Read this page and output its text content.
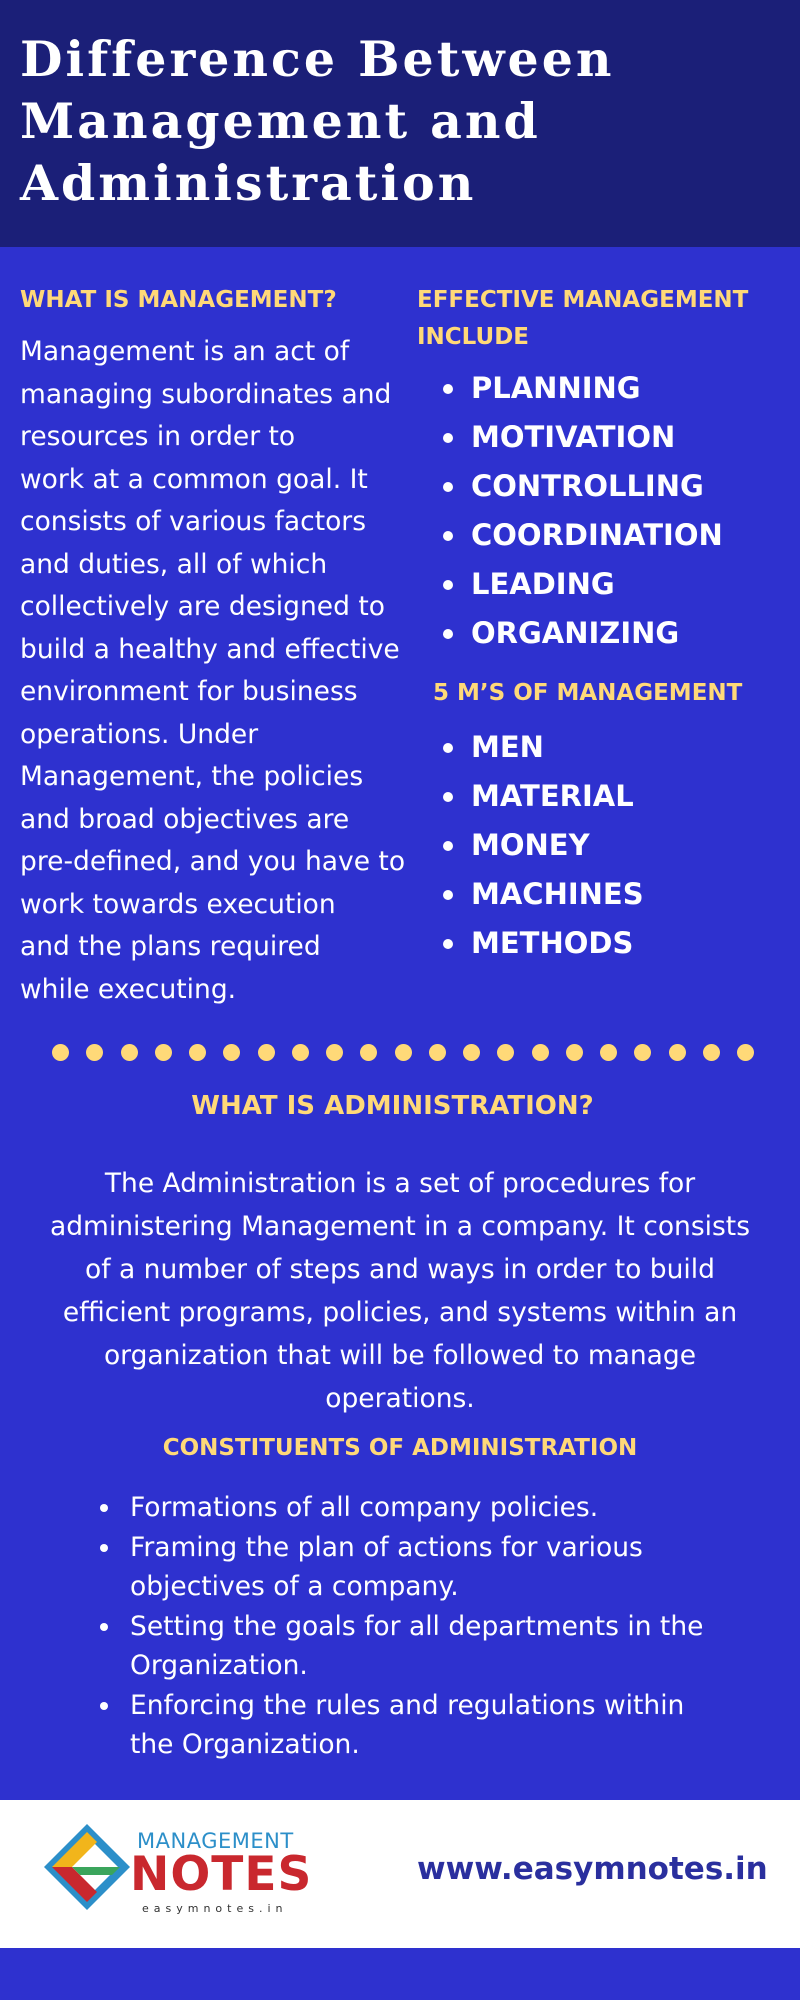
Difference Between
Management and
Administration
WHAT IS MANAGEMENT?

Management is an act of
managing subordinates and
resources in order to
work at a common goal. It
consists of various factors
and duties, all of which
collectively are designed to
build a healthy and effective
environment for business
operations. Under
Management, the policies
and broad objectives are
pre-defined, and you have to
work towards execution
and the plans required
while executing.

EFFECTIVE MANAGEMENT INCLUDE
PLANNING
MOTIVATION
CONTROLLING
COORDINATION
LEADING
ORGANIZING
5 M’S OF MANAGEMENT
MEN
MATERIAL
MONEY
MACHINES
METHODS
WHAT IS ADMINISTRATION?

The Administration is a set of procedures for
administering Management in a company. It consists
of a number of steps and ways in order to build
efficient programs, policies, and systems within an
organization that will be followed to manage
operations.

CONSTITUENTS OF ADMINISTRATION
Formations of all company policies.
Framing the plan of actions for various
objectives of a company.
Setting the goals for all departments in the
Organization.
Enforcing the rules and regulations within
the Organization.
MANAGEMENT
NOTES
easymnotes.in
www.easymnotes.in
